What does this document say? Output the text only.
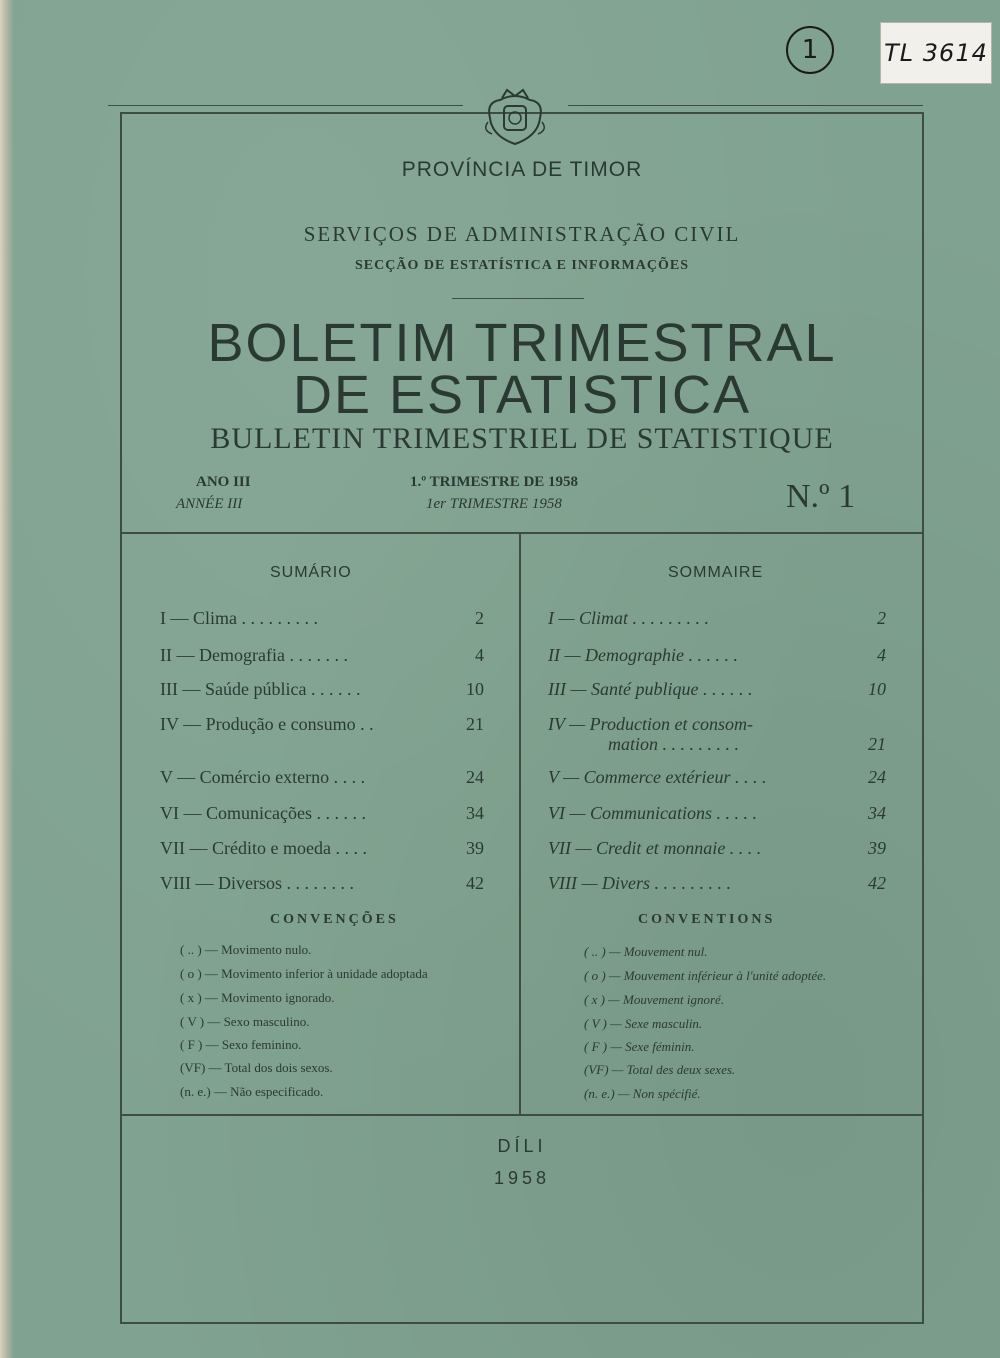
1	TL 3614
PROVÍNCIA DE TIMOR
SERVIÇOS DE ADMINISTRAÇÃO CIVIL
SECÇÃO DE ESTATÍSTICA E INFORMAÇÕES
BOLETIM TRIMESTRAL
DE ESTATISTICA
BULLETIN TRIMESTRIEL DE STATISTIQUE
ANO III
ANNÉE III
1.º TRIMESTRE DE 1958
1er TRIMESTRE 1958	N.º 1
SUMÁRIO
I — Clima . . . . . . . . .	2
II — Demografia . . . . . . .	4
III — Saúde pública . . . . . .	10
IV — Produção e consumo . .	21
V — Comércio externo . . . .	24
VI — Comunicações . . . . . .	34
VII — Crédito e moeda . . . .	39
VIII — Diversos . . . . . . . .	42
SOMMAIRE
I — Climat . . . . . . . . .	2
II — Demographie . . . . . .	4
III — Santé publique . . . . . .	10
IV — Production et consom-
mation . . . . . . . . .	21
V — Commerce extérieur . . . .	24
VI — Communications . . . . .	34
VII — Credit et monnaie . . . .	39
VIII — Divers . . . . . . . . .	42
CONVENÇÕES
( .. ) — Movimento nulo.
( o ) — Movimento inferior à unidade adoptada
( x ) — Movimento ignorado.
( V ) — Sexo masculino.
( F ) — Sexo feminino.
(VF) — Total dos dois sexos.
(n. e.) — Não especificado.
CONVENTIONS
( .. ) — Mouvement nul.
( o ) — Mouvement inférieur à l'unité adoptée.
( x ) — Mouvement ignoré.
( V ) — Sexe masculin.
( F ) — Sexe féminin.
(VF) — Total des deux sexes.
(n. e.) — Non spécifié.
DÍLI
1958
